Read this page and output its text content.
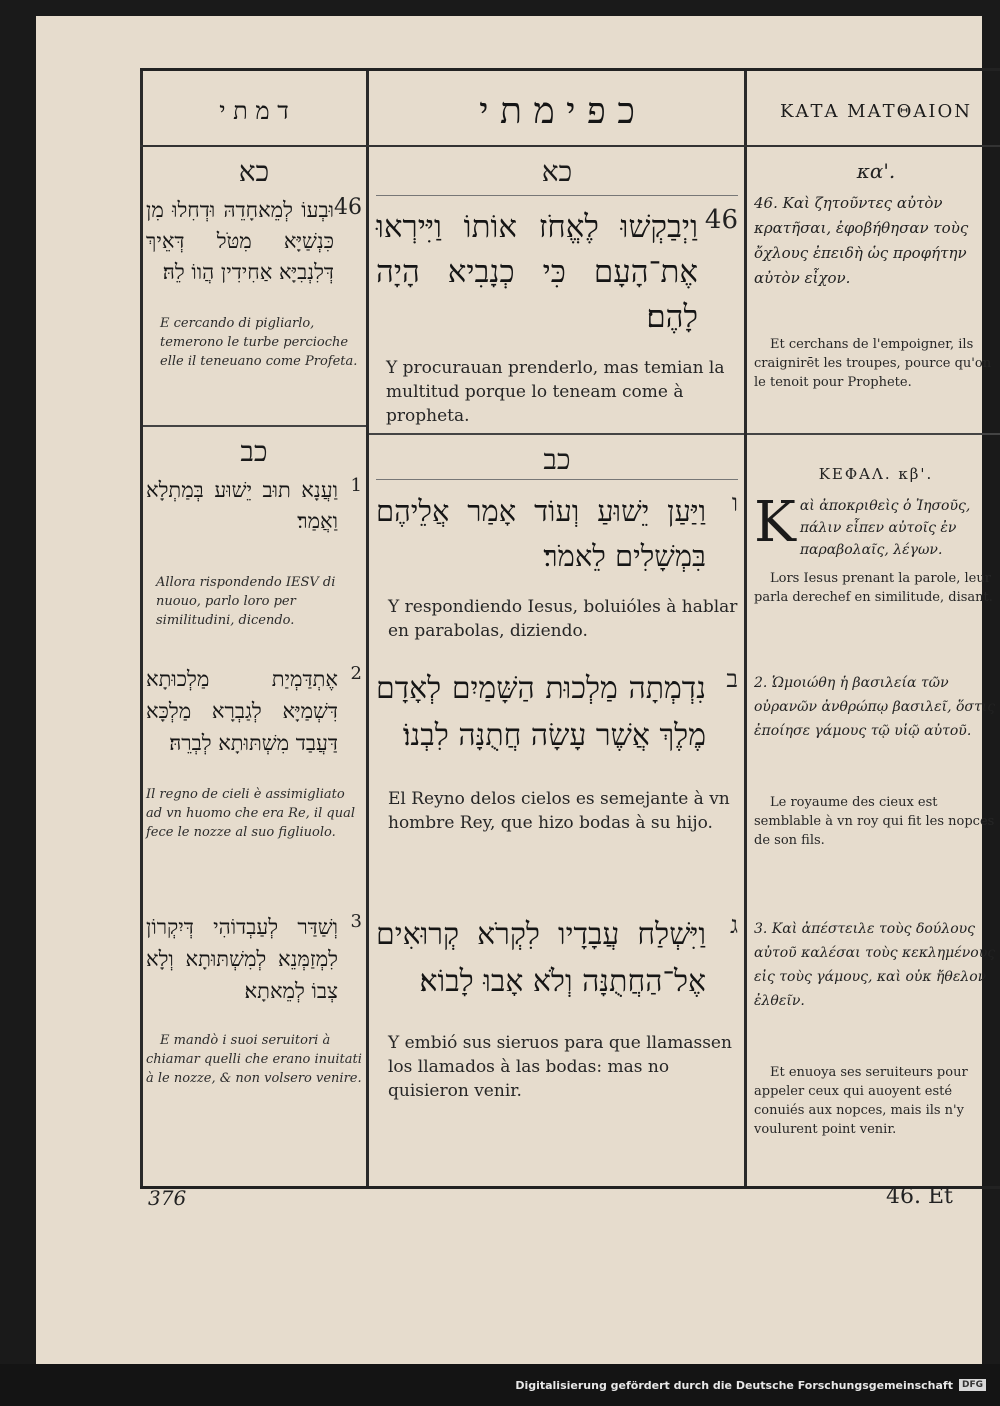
ד מ ת י	כ פ י מ ת י	ΚΑΤΑ ΜΑΤΘΑΙΟΝ
כא
וּבְעוֹ לְמֵאחָדֵהּ וּדְחִלוּ מִן כִּנְשַׁיָּא מִטֹּל דְּאֵיךְ דְּלִנְבִיָּא אַחִידִין הֲווֹ לֵהּ׃
46

E cercando di pigliarlo, temerono le turbe percioche elle il teneuano come Profeta.

כא
וַיְבַקְשׁוּ לֶאֱחֹז אוֹתוֹ וַיִּירְאוּ אֶת־הָעָם כִּי כְנָבִיא הָיָה לָהֶם׃
46

Y procurauan prenderlo, mas temian la multitud porque lo teneam come à propheta.

κα'.

46. Καὶ ζητοῦντες αὐτὸν κρατῆσαι, ἐφοβήθησαν τοὺς ὄχλους ἐπειδὴ ὡς προφήτην αὐτὸν εἶχον.

Et cerchans de l'empoigner, ils craignirēt les troupes, pource qu'on le tenoit pour Prophete.

כב	כב	ΚΕΦΑΛ. κβ'.
וַעֲנָא תוּב יֵשׁוּע בְּמַתְלָא וַאֲמַר׃
1

Allora rispondendo IESV di nuouo, parlo loro per similitudini, dicendo.

וַיַּעַן יֵשׁוּעַ וְעוֹד אָמַר אֲלֵיהֶם בִּמְשָׁלִים לֵאמֹר׃
ו

Y respondiendo Iesus, boluióles à hablar en parabolas, diziendo.

K αὶ ἀποκριθεὶς ὁ Ἰησοῦς, πάλιν εἶπεν αὐτοῖς ἐν παραβολαῖς, λέγων.

Lors Iesus prenant la parole, leur parla derechef en similitude, disant.

אֶתְדַּמְיַת מַלְכוּתָא דִּשְׁמַיָּא לְגַבְרָא מַלְכָּא דַּעֲבַד מִשְׁתּוּתָא לְבְרֵהּ׃
2

Il regno de cieli è assimigliato ad vn huomo che era Re, il qual fece le nozze al suo figliuolo.

נִדְמְתָה מַלְכוּת הַשָּׁמַיִם לְאָדָם מֶלֶךְ אֲשֶׁר עָשָׂה חֲתֻנָּה לִבְנוֹ׃
ב

El Reyno delos cielos es semejante à vn hombre Rey, que hizo bodas à su hijo.

2. Ὡμοιώθη ἡ βασιλεία τῶν οὐρανῶν ἀνθρώπῳ βασιλεῖ, ὅστις ἐποίησε γάμους τῷ υἱῷ αὐτοῦ.

Le royaume des cieux est semblable à vn roy qui fit les nopces de son fils.

וְשַׁדַּר לְעַבְדוֹהִי דְּיִקְרוֹן לִמְזַמְּנֵא לְמִשְׁתּוּתָא וְלָא צְבוֹ לְמֵאתָא׃
3

E mandò i suoi seruitori à chiamar quelli che erano inuitati à le nozze, & non volsero venire.

וַיִּשְׁלַח עֲבָדָיו לִקְרֹא קְרוּאִים אֶל־הַחֲתֻנָּה וְלֹא אָבוּ לָבוֹא׃
ג

Y embió sus sieruos para que llamassen los llamados à las bodas: mas no quisieron venir.

3. Καὶ ἀπέστειλε τοὺς δούλους αὐτοῦ καλέσαι τοὺς κεκλημένους εἰς τοὺς γάμους, καὶ οὐκ ἤθελον ἐλθεῖν.

Et enuoya ses seruiteurs pour appeler ceux qui auoyent esté conuiés aux nopces, mais ils n'y voulurent point venir.

376	46. Et
Digitalisierung gefördert durch die Deutsche Forschungsgemeinschaft	DFG
